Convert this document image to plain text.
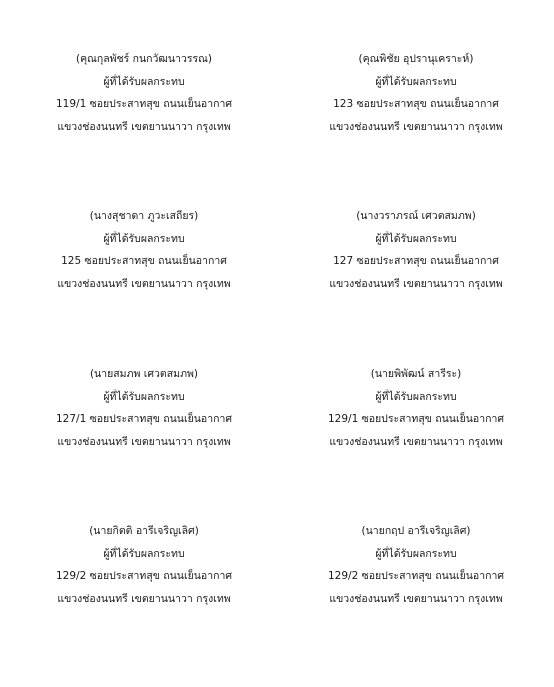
(คุณกุลพัชร์ กนกวัฒนาวรรณ)
ผู้ที่ได้รับผลกระทบ
119/1 ซอยประสาทสุข ถนนเย็นอากาศ
แขวงช่องนนทรี เขตยานนาวา กรุงเทพ
(คุณพิชัย อุปรานุเคราะห์)
ผู้ที่ได้รับผลกระทบ
123 ซอยประสาทสุข ถนนเย็นอากาศ
แขวงช่องนนทรี เขตยานนาวา กรุงเทพ
(นางสุชาดา ภูวะเสถียร)
ผู้ที่ได้รับผลกระทบ
125 ซอยประสาทสุข ถนนเย็นอากาศ
แขวงช่องนนทรี เขตยานนาวา กรุงเทพ
(นางวราภรณ์ เศวตสมภพ)
ผู้ที่ได้รับผลกระทบ
127 ซอยประสาทสุข ถนนเย็นอากาศ
แขวงช่องนนทรี เขตยานนาวา กรุงเทพ
(นายสมภพ เศวตสมภพ)
ผู้ที่ได้รับผลกระทบ
127/1 ซอยประสาทสุข ถนนเย็นอากาศ
แขวงช่องนนทรี เขตยานนาวา กรุงเทพ
(นายพิพัฒน์ สารีระ)
ผู้ที่ได้รับผลกระทบ
129/1 ซอยประสาทสุข ถนนเย็นอากาศ
แขวงช่องนนทรี เขตยานนาวา กรุงเทพ
(นายกิตติ อารีเจริญเลิศ)
ผู้ที่ได้รับผลกระทบ
129/2 ซอยประสาทสุข ถนนเย็นอากาศ
แขวงช่องนนทรี เขตยานนาวา กรุงเทพ
(นายกฤป อารีเจริญเลิศ)
ผู้ที่ได้รับผลกระทบ
129/2 ซอยประสาทสุข ถนนเย็นอากาศ
แขวงช่องนนทรี เขตยานนาวา กรุงเทพ
